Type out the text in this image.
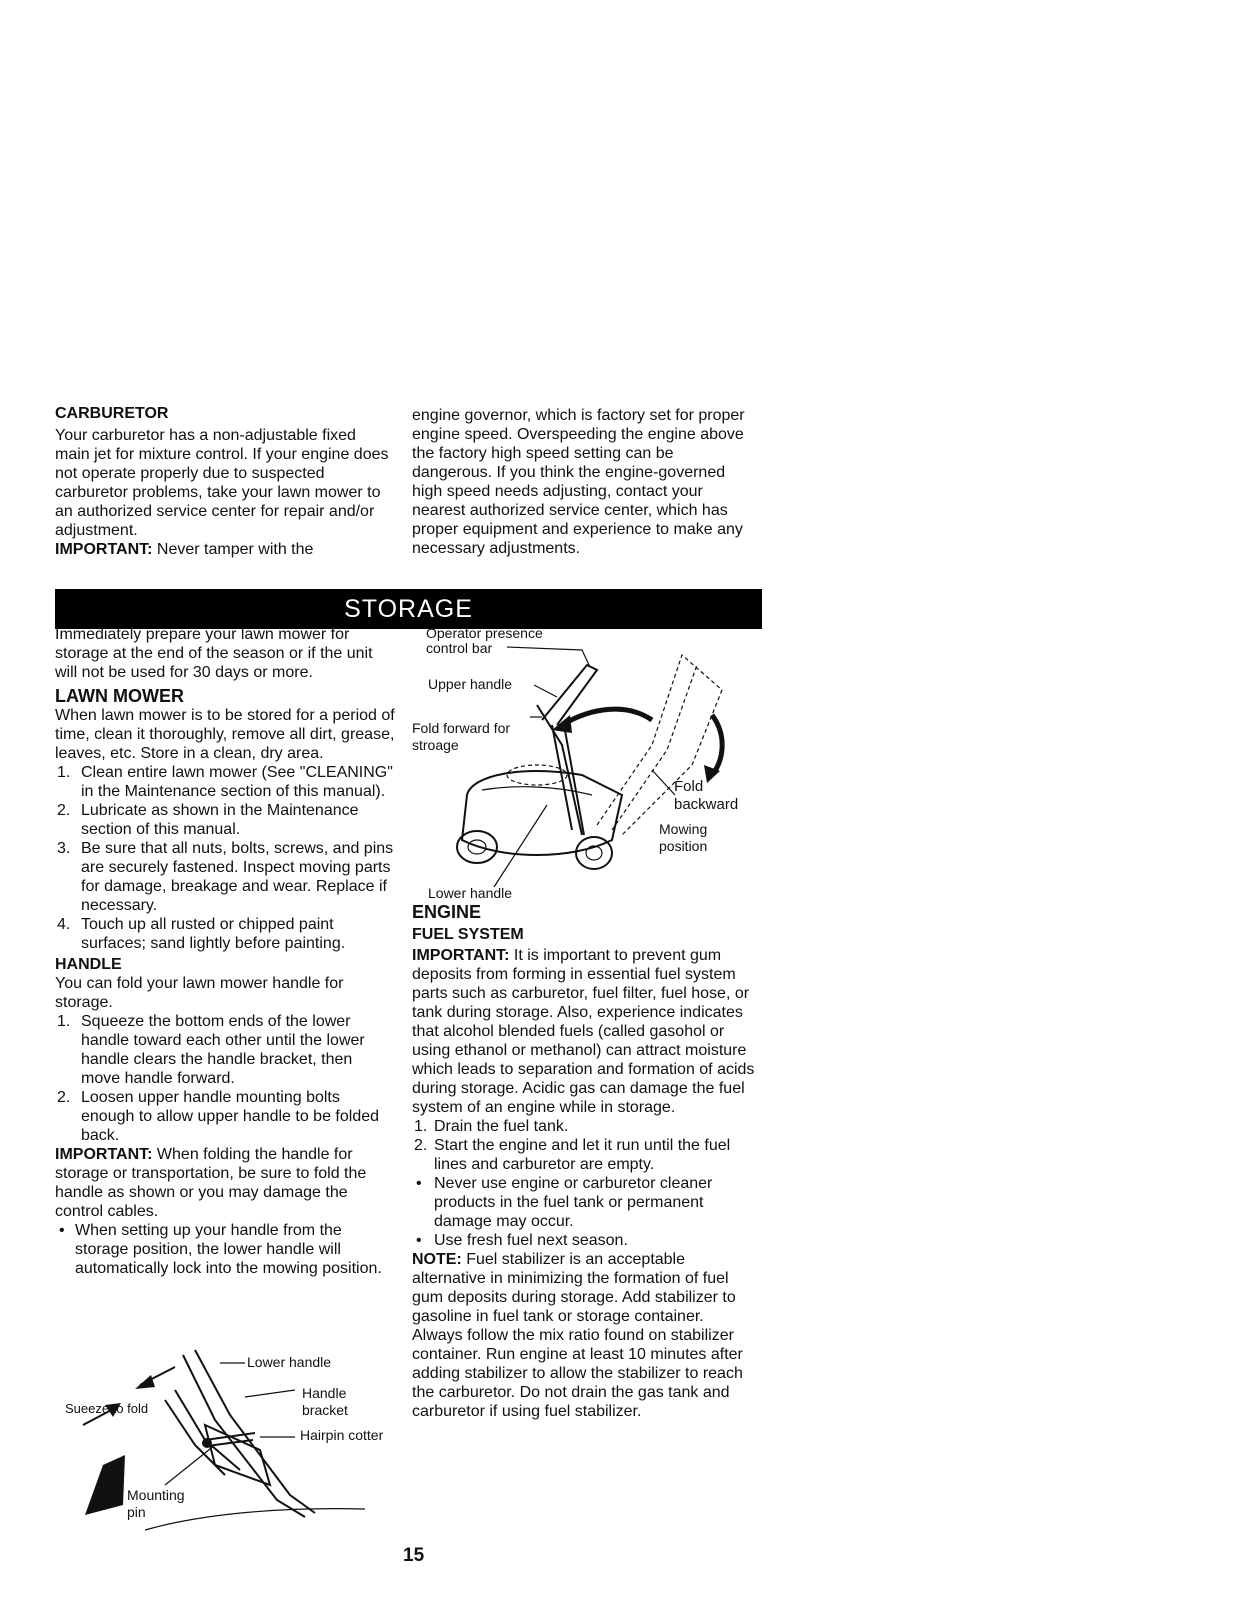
CARBURETOR

Your carburetor has a non-adjustable fixed main jet for mixture control. If your engine does not operate properly due to suspected carburetor problems, take your lawn mower to an authorized service center for repair and/or adjustment.

IMPORTANT: Never tamper with the

engine governor, which is factory set for proper engine speed. Overspeeding the engine above the factory high speed setting can be dangerous. If you think the engine-governed high speed needs adjusting, contact your nearest authorized service center, which has proper equipment and experience to make any necessary adjustments.

STORAGE

Immediately prepare your lawn mower for storage at the end of the season or if the unit will not be used for 30 days or more.

LAWN MOWER

When lawn mower is to be stored for a period of time, clean it thoroughly, remove all dirt, grease, leaves, etc. Store in a clean, dry area.

1. Clean entire lawn mower (See "CLEANING" in the Maintenance section of this manual).
2. Lubricate as shown in the Maintenance section of this manual.
3. Be sure that all nuts, bolts, screws, and pins are securely fastened. Inspect moving parts for damage, breakage and wear. Replace if necessary.
4. Touch up all rusted or chipped paint surfaces; sand lightly before painting.

HANDLE

You can fold your lawn mower handle for storage.

1. Squeeze the bottom ends of the lower handle toward each other until the lower handle clears the handle bracket, then move handle forward.
2. Loosen upper handle mounting bolts enough to allow upper handle to be folded back.

IMPORTANT: When folding the handle for storage or transportation, be sure to fold the handle as shown or you may damage the control cables.

• When setting up your handle from the storage position, the lower handle will automatically lock into the mowing position.
Lower handle
Handle
bracket
Sueeze to fold
Hairpin cotter
Mounting
pin
Operator presence
control bar
Upper handle
Fold forward for
stroage
Fold
backward
Mowing
position
Lower handle

ENGINE

FUEL SYSTEM

IMPORTANT: It is important to prevent gum deposits from forming in essential fuel system parts such as carburetor, fuel filter, fuel hose, or tank during storage. Also, experience indicates that alcohol blended fuels (called gasohol or using ethanol or methanol) can attract moisture which leads to separation and formation of acids during storage. Acidic gas can damage the fuel system of an engine while in storage.

1. Drain the fuel tank.
2. Start the engine and let it run until the fuel lines and carburetor are empty.
• Never use engine or carburetor cleaner products in the fuel tank or permanent damage may occur.
• Use fresh fuel next season.

NOTE: Fuel stabilizer is an acceptable alternative in minimizing the formation of fuel gum deposits during storage. Add stabilizer to gasoline in fuel tank or storage container. Always follow the mix ratio found on stabilizer container. Run engine at least 10 minutes after adding stabilizer to allow the stabilizer to reach the carburetor. Do not drain the gas tank and carburetor if using fuel stabilizer.

15
